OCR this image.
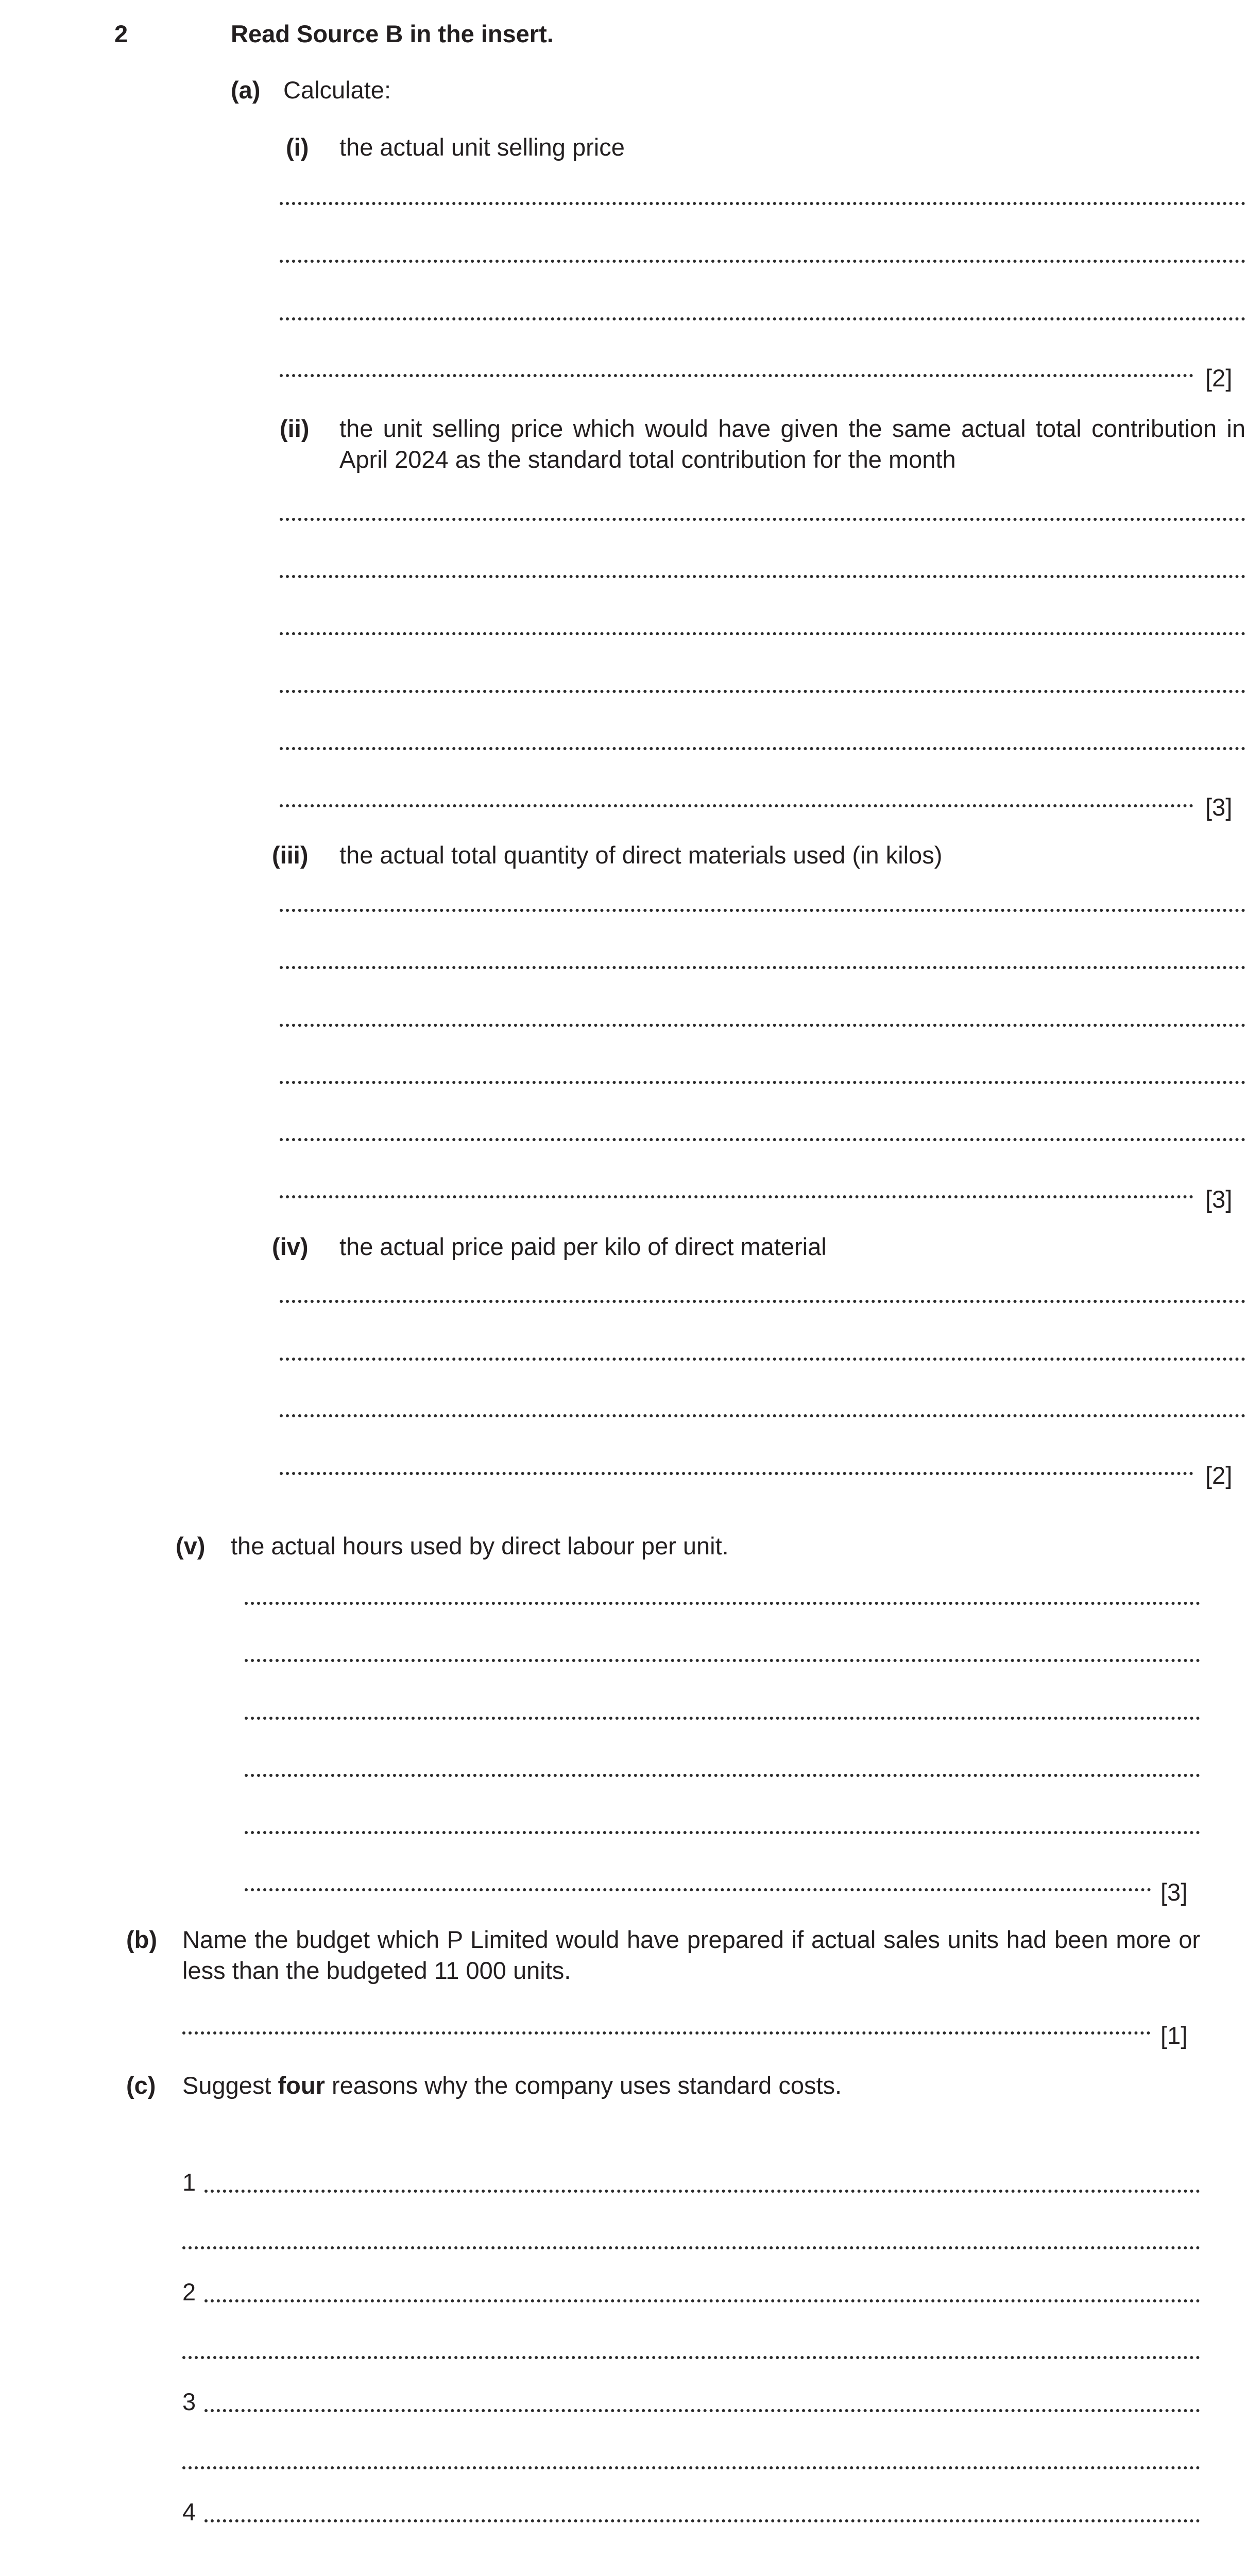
2	Read Source B in the insert.
(a) Calculate:
(i) the actual unit selling price
[2]
(ii) the unit selling price which would have given the same actual total contribution in April 2024 as the standard total contribution for the month
[3]
(iii) the actual total quantity of direct materials used (in kilos)
[3]
(iv) the actual price paid per kilo of direct material
[2]
(v) the actual hours used by direct labour per unit.
[3]
(b) Name the budget which P Limited would have prepared if actual sales units had been more or less than the budgeted 11 000 units.
[1]
(c) Suggest four reasons why the company uses standard costs.
1
2
3
4
